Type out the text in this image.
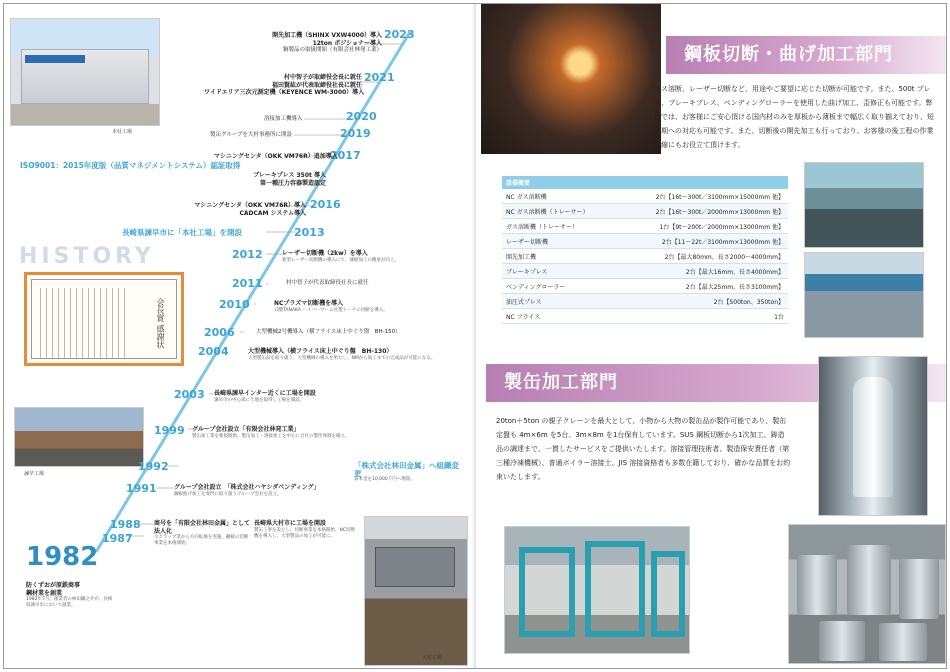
本社工場
HISTORY
会長賞 感謝状
諫早工場
大村工場
2023
2021
2020
2019
2017
2016
2013
2012
2011
2010
2006
2004
2003
1999
1992
1991
1988
1987
1982
開先加工機（SHINX VXW4000）導入
12ton ポジショナー導入
銅製品の取扱開始（有限会社林発工業）
村中智子が取締役会長に就任
福田賢紘が代表取締役社長に就任
ワイドエリア三次元測定機（KEYENCE WM-3000）導入
溶接加工機導入
製缶グループを大村事務所に開設
マシニングセンタ（OKK VM76R）追加導入
ISO9001：2015年度版（品質マネジメントシステム）認証取得
ブレーキプレス 350t 導入
第一種圧力容器製造認定
マシニングセンタ（OKK VM76R）導入
CADCAM システム導入
長崎県諫早市に「本社工場」を開設
レーザー切断機（2kw）を導入
新型レーザー切断機の導入にて、薄板加工の精度が向上。
村中智子が代表取締役社長に就任
NCプラズマ切断機を導入
日酸TANAKA ハイパーサーム社製トーチの切断を導入。
大型機械2号機導入（横フライス床上中ぐり盤　BH-150）
大型機械導入（横フライス床上中ぐり盤　BH-130）
大型製缶品を取り扱う、大型機械の導入を果たし、NMから加工までの完成品が可能になる。
長崎県諫早インター近くに工場を開設
諫早市の中心部に土地を取得し工場を開設。
グループ会社設立「有限会社林発工業」
製缶加工業を新規開始、製缶加工・溶接加工を中心に自社の製作体制を確立。
「株式会社林田金属」へ組織変更
資本金を10,000千円へ増資。
グループ会社設立　「株式会社ハヤシダベンディング」
鋼板曲げ加工を専門に取り扱うグループ会社を設立。
長崎県大村市に工場を開設
製缶工事を設立し、切断事業を本格開始。NC切断機を導入し、大型製品の加工が可能に。
商号を「有限会社林田金属」として法人化
スクラップ業から方向転換を実施、鋼板の切断事業を本格開始。
防くずおが原鉄商事
鋼材業を創業
1982年7月、創業者の林田鋼之介が、長崎県諫早市において創業。
鋼板切断・曲げ加工部門
ガス溶断、レーザー切断など、用途やご要望に応じた切断が可能です。また、500t プレス、ブレーキプレス、ベンディングローラーを使用した曲げ加工、歪修正も可能です。弊社では、お客様にご安心頂ける国内材のみを厚板から薄板まで幅広く取り揃えており、短納期への対応も可能です。また、切断後の開先加工も行っており、お客様の後工程の作業短縮にもお役立て頂けます。
設備概要	
NC ガス溶断機	2台【16t〜300t／3100mm×15000mm 他】
NC ガス溶断機（トレーサー）	2台【16t〜300t／2000mm×13000mm 他】
ガス溶断機（トレーサー）	1台【9t〜200t／2000mm×13000mm 他】
レーザー切断機	2台【11〜22t／3100mm×13000mm 他】
開先加工機	2台【最大80mm、長さ2000〜4000mm】
ブレーキプレス	2台【最大16mm、長さ4000mm】
ベンディングローラー	2台【最大25mm、長さ3100mm】
油圧式プレス	2台【500ton、350ton】
NC フライス	1台
製缶加工部門
20ton＋5ton の親子クレーンを最大として、小物から大物の製缶品が製作可能であり、製缶定盤も 4m×6m を5台、3m×8m を1台保有しています。SUS 鋼板切断から1次加工、鋳造品の調達まで、一貫したサービスをご提供いたします。溶接管理技術者、製造保安責任者（第三種冷凍機械）、普通ボイラー溶接士、JIS 溶接資格者も多数在籍しており、確かな品質をお約束いたします。
